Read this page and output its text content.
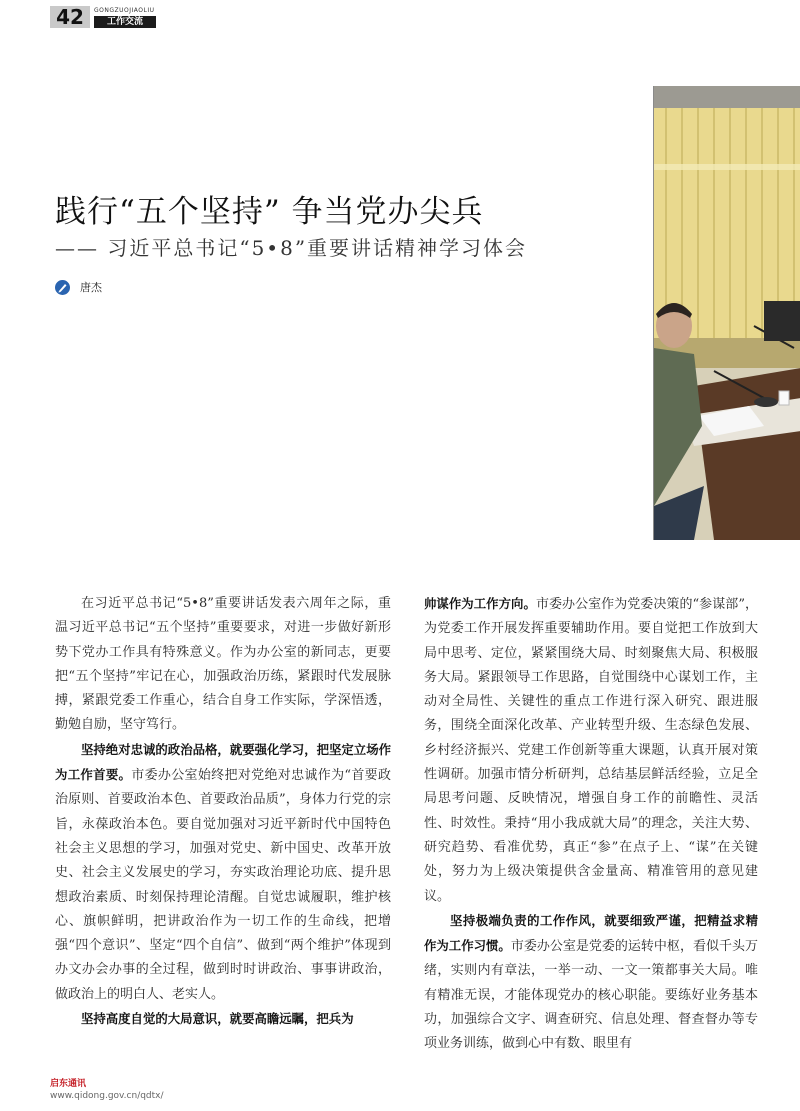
42	GONGZUOJIAOLIU
工作交流
践行“五个坚持” 争当党办尖兵
—— 习近平总书记“5•8”重要讲话精神学习体会
唐杰

在习近平总书记“5•8”重要讲话发表六周年之际，重温习近平总书记“五个坚持”重要要求，对进一步做好新形势下党办工作具有特殊意义。作为办公室的新同志，更要把“五个坚持”牢记在心，加强政治历练，紧跟时代发展脉搏，紧跟党委工作重心，结合自身工作实际，学深悟透，勤勉自励，坚守笃行。

坚持绝对忠诚的政治品格，就要强化学习，把坚定立场作为工作首要。市委办公室始终把对党绝对忠诚作为“首要政治原则、首要政治本色、首要政治品质”，身体力行党的宗旨，永葆政治本色。要自觉加强对习近平新时代中国特色社会主义思想的学习，加强对党史、新中国史、改革开放史、社会主义发展史的学习，夯实政治理论功底、提升思想政治素质、时刻保持理论清醒。自觉忠诚履职，维护核心、旗帜鲜明，把讲政治作为一切工作的生命线，把增强“四个意识”、坚定“四个自信”、做到“两个维护”体现到办文办会办事的全过程，做到时时讲政治、事事讲政治，做政治上的明白人、老实人。

坚持高度自觉的大局意识，就要高瞻远瞩，把兵为

帅谋作为工作方向。市委办公室作为党委决策的“参谋部”，为党委工作开展发挥重要辅助作用。要自觉把工作放到大局中思考、定位，紧紧围绕大局、时刻聚焦大局、积极服务大局。紧跟领导工作思路，自觉围绕中心谋划工作，主动对全局性、关键性的重点工作进行深入研究、跟进服务，围绕全面深化改革、产业转型升级、生态绿色发展、乡村经济振兴、党建工作创新等重大课题，认真开展对策性调研。加强市情分析研判，总结基层鲜活经验，立足全局思考问题、反映情况，增强自身工作的前瞻性、灵活性、时效性。秉持“用小我成就大局”的理念，关注大势、研究趋势、看准优势，真正“参”在点子上、“谋”在关键处，努力为上级决策提供含金量高、精准管用的意见建议。

坚持极端负责的工作作风，就要细致严谨，把精益求精作为工作习惯。市委办公室是党委的运转中枢，看似千头万绪，实则内有章法，一举一动、一文一策都事关大局。唯有精准无误，才能体现党办的核心职能。要练好业务基本功，加强综合文字、调查研究、信息处理、督查督办等专项业务训练，做到心中有数、眼里有

启东通讯
www.qidong.gov.cn/qdtx/
